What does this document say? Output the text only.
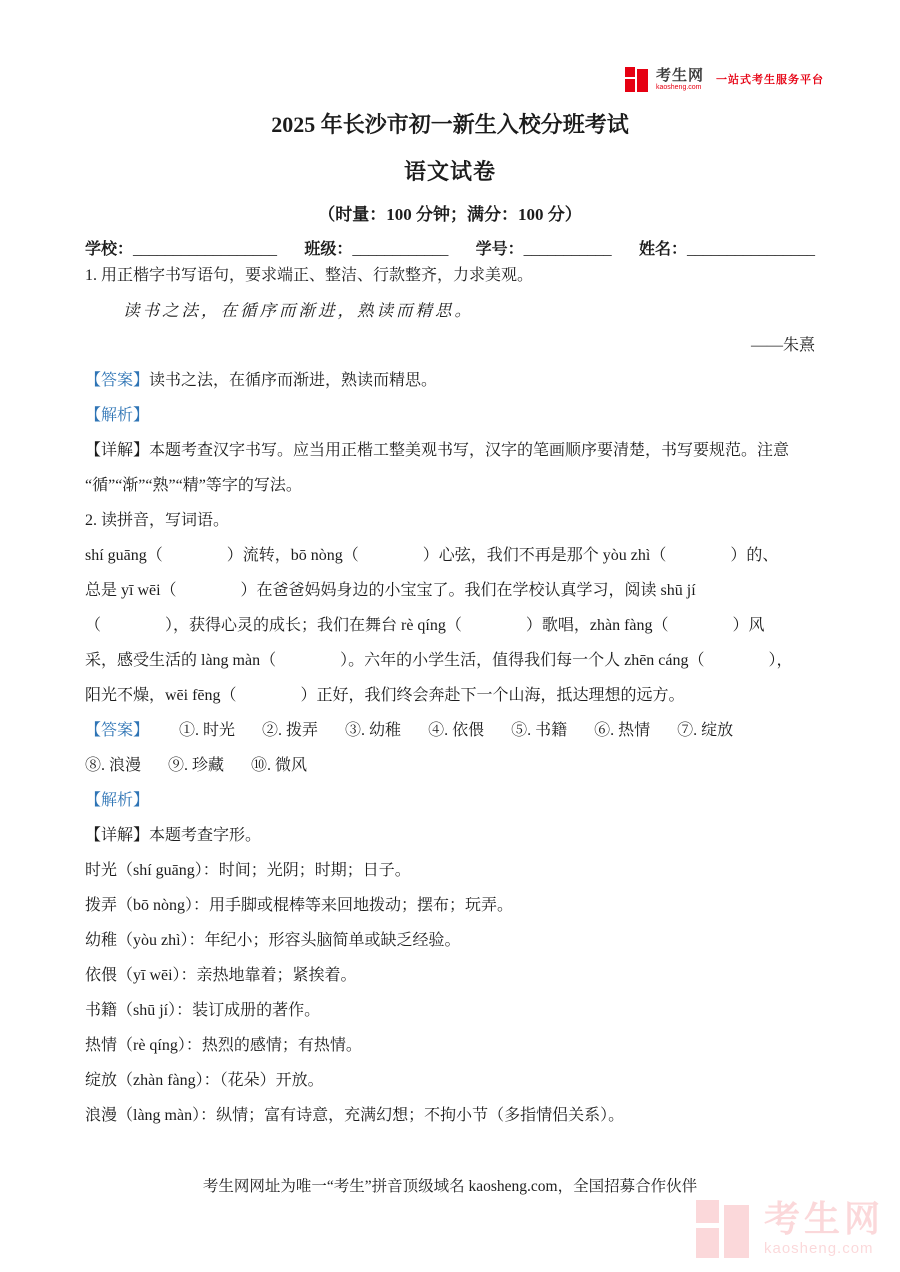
考生网
kaosheng.com
一站式考生服务平台
2025 年长沙市初一新生入校分班考试
语文试卷
（时量：100 分钟；满分：100 分）
学校：__________________ 班级：____________ 学号：___________ 姓名：________________
1. 用正楷字书写语句，要求端正、整洁、行款整齐，力求美观。
读书之法，在循序而渐进，熟读而精思。
——朱熹
【答案】读书之法，在循序而渐进，熟读而精思。
【解析】
【详解】本题考查汉字书写。应当用正楷工整美观书写，汉字的笔画顺序要清楚，书写要规范。注意
“循”“渐”“熟”“精”等字的写法。
2. 读拼音，写词语。
shí guāng（　　　　）流转，bō nòng（　　　　）心弦，我们不再是那个 yòu zhì（　　　　）的、
总是 yī wēi（　　　　）在爸爸妈妈身边的小宝宝了。我们在学校认真学习，阅读 shū jí
（　　　　），获得心灵的成长；我们在舞台 rè qíng（　　　　）歌唱，zhàn fàng（　　　　）风
采，感受生活的 làng màn（　　　　）。六年的小学生活，值得我们每一个人 zhēn cáng（　　　　），
阳光不燥，wēi fēng（　　　　）正好，我们终会奔赴下一个山海，抵达理想的远方。
【答案】 ①. 时光 ②. 拨弄 ③. 幼稚 ④. 依偎 ⑤. 书籍 ⑥. 热情 ⑦. 绽放
⑧. 浪漫 ⑨. 珍藏 ⑩. 微风
【解析】
【详解】本题考查字形。
时光（shí guāng）：时间；光阴；时期；日子。
拨弄（bō nòng）：用手脚或棍棒等来回地拨动；摆布；玩弄。
幼稚（yòu zhì）：年纪小；形容头脑简单或缺乏经验。
依偎（yī wēi）：亲热地靠着；紧挨着。
书籍（shū jí）：装订成册的著作。
热情（rè qíng）：热烈的感情；有热情。
绽放（zhàn fàng）：（花朵）开放。
浪漫（làng màn）：纵情；富有诗意，充满幻想；不拘小节（多指情侣关系）。
考生网网址为唯一“考生”拼音顶级域名 kaosheng.com，全国招募合作伙伴
考生网
kaosheng.com
